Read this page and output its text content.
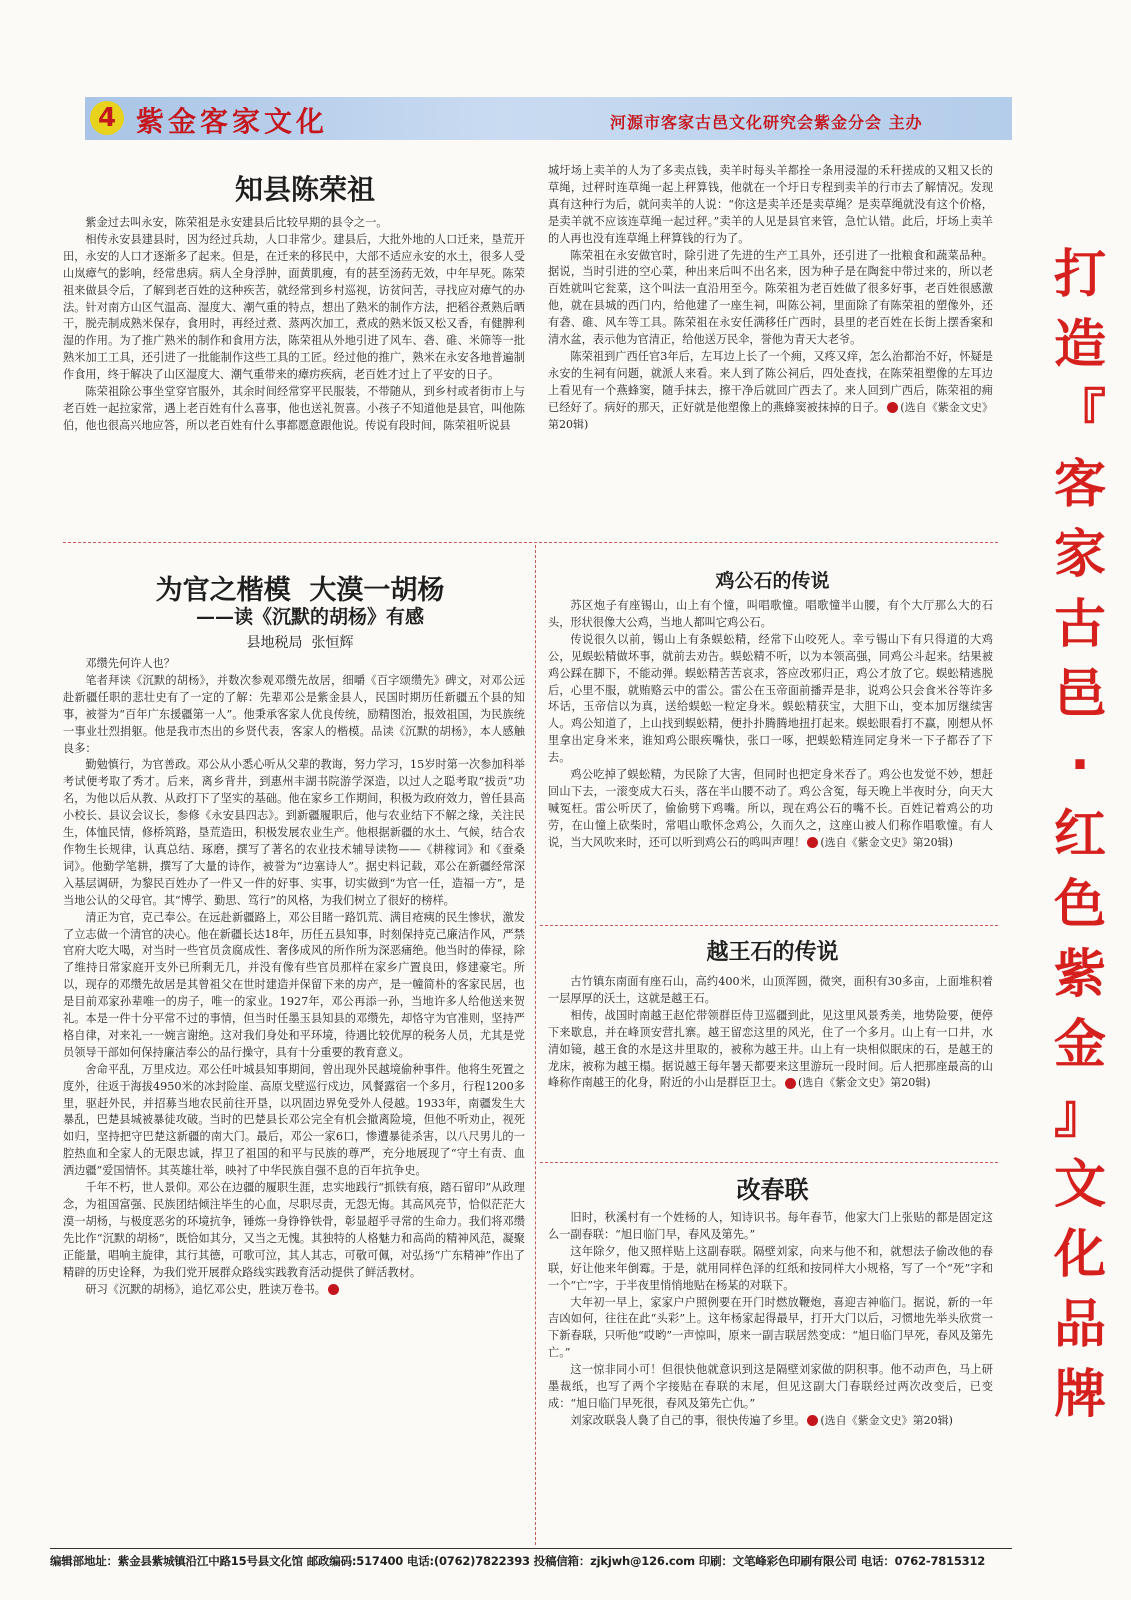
4 紫金客家文化	河源市客家古邑文化研究会紫金分会 主办
打
造
『
客
家
古
邑
·
红
色
紫
金
』
文
化
品
牌
知县陈荣祖

紫金过去叫永安，陈荣祖是永安建县后比较早期的县令之一。

相传永安县建县时，因为经过兵劫，人口非常少。建县后，大批外地的人口迁来，垦荒开田，永安的人口才逐渐多了起来。但是，在迁来的移民中，大部不适应永安的水土，很多人受山岚瘴气的影响，经常患病。病人全身浮肿，面黄肌瘦，有的甚至汤药无效，中年早死。陈荣祖来做县令后，了解到老百姓的这种疾苦，就经常到乡村巡视，访贫问苦，寻找应对瘴气的办法。针对南方山区气温高、湿度大、潮气重的特点，想出了熟米的制作方法，把稻谷煮熟后晒干，脱壳制成熟米保存，食用时，再经过煮、蒸两次加工，煮成的熟米饭又松又香，有健脾利湿的作用。为了推广熟米的制作和食用方法，陈荣祖从外地引进了风车、砻、碓、米筛等一批熟米加工工具，还引进了一批能制作这些工具的工匠。经过他的推广，熟米在永安各地普遍制作食用，终于解决了山区湿度大、潮气重带来的瘴疠疾病，老百姓才过上了平安的日子。

陈荣祖除公事坐堂穿官服外，其余时间经常穿平民服装，不带随从，到乡村或者街市上与老百姓一起拉家常，遇上老百姓有什么喜事，他也送礼贺喜。小孩子不知道他是县官，叫他陈伯，他也很高兴地应答，所以老百姓有什么事都愿意跟他说。传说有段时间，陈荣祖听说县

城圩场上卖羊的人为了多卖点钱，卖羊时每头羊都拴一条用浸湿的禾秆搓成的又粗又长的草绳，过秤时连草绳一起上秤算钱，他就在一个圩日专程到卖羊的行市去了解情况。发现真有这种行为后，就问卖羊的人说：“你这是卖羊还是卖草绳？是卖草绳就没有这个价格，是卖羊就不应该连草绳一起过秤。”卖羊的人见是县官来管，急忙认错。此后，圩场上卖羊的人再也没有连草绳上秤算钱的行为了。

陈荣祖在永安做官时，除引进了先进的生产工具外，还引进了一批粮食和蔬菜品种。据说，当时引进的空心菜，种出来后叫不出名来，因为种子是在陶瓮中带过来的，所以老百姓就叫它瓮菜，这个叫法一直沿用至今。陈荣祖为老百姓做了很多好事，老百姓很感激他，就在县城的西门内，给他建了一座生祠，叫陈公祠，里面除了有陈荣祖的塑像外，还有砻、碓、风车等工具。陈荣祖在永安任满移任广西时，县里的老百姓在长街上摆香案和清水盆，表示他为官清正，给他送万民伞，誉他为青天大老爷。

陈荣祖到广西任官3年后，左耳边上长了一个痈，又疼又痒，怎么治都治不好，怀疑是永安的生祠有问题，就派人来看。来人到了陈公祠后，四处查找，在陈荣祖塑像的左耳边上看见有一个燕蜂窦，随手抹去，擦干净后就回广西去了。来人回到广西后，陈荣祖的痈已经好了。病好的那天，正好就是他塑像上的燕蜂窦被抹掉的日子。 (选自《紫金文史》第20辑)

为官之楷模  大漠一胡杨
——读《沉默的胡杨》有感
县地税局  张恒辉

邓缵先何许人也？

笔者拜读《沉默的胡杨》，并数次参观邓缵先故居，细嚼《百字颂缵先》碑文，对邓公远赴新疆任职的悲壮史有了一定的了解：先辈邓公是紫金县人，民国时期历任新疆五个县的知事，被誉为“百年广东援疆第一人”。他秉承客家人优良传统，励精图治，报效祖国，为民族统一事业壮烈捐躯。他是我市杰出的乡贤代表，客家人的楷模。品读《沉默的胡杨》，本人感触良多：

勤勉慎行，为官善政。邓公从小悉心听从父辈的教诲，努力学习，15岁时第一次参加科举考试便考取了秀才。后来，离乡背井，到惠州丰湖书院游学深造，以过人之聪考取“拔贡”功名，为他以后从教、从政打下了坚实的基础。他在家乡工作期间，积极为政府效力，曾任县高小校长、县议会议长，参修《永安县四志》。到新疆履职后，他与农业结下不解之缘，关注民生，体恤民情，修桥筑路，垦荒造田，积极发展农业生产。他根据新疆的水土、气候，结合农作物生长规律，认真总结、琢磨，撰写了著名的农业技术辅导读物——《耕稼词》和《蚕桑词》。他勤学笔耕，撰写了大量的诗作，被誉为“边塞诗人”。据史料记载，邓公在新疆经常深入基层调研，为黎民百姓办了一件又一件的好事、实事，切实做到“为官一任，造福一方”，是当地公认的父母官。其“博学、勤思、笃行”的风格，为我们树立了很好的榜样。

清正为官，克己奉公。在远赴新疆路上，邓公目睹一路饥荒、满目疮痍的民生惨状，激发了立志做一个清官的决心。他在新疆长达18年，历任五县知事，时刻保持克己廉洁作风，严禁官府大吃大喝，对当时一些官员贪腐成性、奢侈成风的所作所为深恶痛绝。他当时的俸禄，除了维持日常家庭开支外已所剩无几，并没有像有些官员那样在家乡广置良田，修建豪宅。所以，现存的邓缵先故居是其曾祖父在世时建造并保留下来的房产，是一幢简朴的客家民居，也是目前邓家孙辈唯一的房子，唯一的家业。1927年，邓公再添一孙，当地许多人给他送来贺礼。本是一件十分平常不过的事情，但当时任墨玉县知县的邓缵先，却恪守为官准则，坚持严格自律，对来礼一一婉言谢绝。这对我们身处和平环境，待遇比较优厚的税务人员，尤其是党员领导干部如何保持廉洁奉公的品行操守，具有十分重要的教育意义。

舍命平乱，万里戍边。邓公任叶城县知事期间，曾出现外民越境偷种事件。他将生死置之度外，往返于海拔4950米的冰封险崖、高原戈壁巡行戍边，风餐露宿一个多月，行程1200多里，驱赶外民，并招募当地农民前往开垦，以巩固边界免受外人侵越。1933年，南疆发生大暴乱，巴楚县城被暴徒攻破。当时的巴楚县长邓公完全有机会撤离险境，但他不听劝止，视死如归，坚持把守巴楚这新疆的南大门。最后，邓公一家6口，惨遭暴徒杀害，以八尺男儿的一腔热血和全家人的无限忠诚，捍卫了祖国的和平与民族的尊严，充分地展现了“守土有责、血洒边疆”爱国情怀。其英雄壮举，映衬了中华民族自强不息的百年抗争史。

千年不朽，世人景仰。邓公在边疆的履职生涯，忠实地践行“抓铁有痕，踏石留印”从政理念，为祖国富强、民族团结倾注毕生的心血，尽职尽责，无怨无悔。其高风亮节，恰似茫茫大漠一胡杨，与极度恶劣的环境抗争，锤炼一身铮铮铁骨，彰显超乎寻常的生命力。我们将邓缵先比作“沉默的胡杨”，既恰如其分，又当之无愧。其独特的人格魅力和高尚的精神风范，凝聚正能量，唱响主旋律，其行其德，可歌可泣，其人其志，可敬可佩，对弘扬“广东精神”作出了精辟的历史诠释，为我们党开展群众路线实践教育活动提供了鲜活教材。

研习《沉默的胡杨》，追忆邓公史，胜读万卷书。

鸡公石的传说

苏区炮子有座锡山，山上有个憧，叫唱歌憧。唱歌憧半山腰，有个大厅那么大的石头，形状很像大公鸡，当地人都叫它鸡公石。

传说很久以前，锡山上有条蜈蚣精，经常下山咬死人。幸亏锡山下有只得道的大鸡公，见蜈蚣精做坏事，就前去劝告。蜈蚣精不听，以为本领高强，同鸡公斗起来。结果被鸡公踩在脚下，不能动弹。蜈蚣精苦苦哀求，答应改邪归正，鸡公才放了它。蜈蚣精逃脱后，心里不服，就贿赂云中的雷公。雷公在玉帝面前播弄是非，说鸡公只会食米谷等许多坏话，玉帝信以为真，送给蜈蚣一粒定身米。蜈蚣精获宝，大胆下山，变本加厉继续害人。鸡公知道了，上山找到蜈蚣精，便扑扑腾腾地扭打起来。蜈蚣眼看打不赢，刚想从怀里拿出定身米来，谁知鸡公眼疾嘴快，张口一啄，把蜈蚣精连同定身米一下子都吞了下去。

鸡公吃掉了蜈蚣精，为民除了大害，但同时也把定身米吞了。鸡公也发觉不妙，想赶回山下去，一滚变成大石头，落在半山腰不动了。鸡公含冤，每天晚上半夜时分，向天大喊冤枉。雷公听厌了，偷偷劈下鸡嘴。所以，现在鸡公石的嘴不长。百姓记着鸡公的功劳，在山憧上砍柴时，常唱山歌怀念鸡公，久而久之，这座山被人们称作唱歌憧。有人说，当大风吹来时，还可以听到鸡公石的鸣叫声哩！ (选自《紫金文史》第20辑)

越王石的传说

古竹镇东南面有座石山，高约400米，山顶浑圆，微突，面积有30多亩，上面堆积着一层厚厚的沃土，这就是越王石。

相传，战国时南越王赵佗带领群臣侍卫巡疆到此，见这里风景秀美，地势险要，便停下来歇息，并在峰顶安营扎寨。越王留恋这里的风光，住了一个多月。山上有一口井，水清如镜，越王食的水是这井里取的，被称为越王井。山上有一块相似眠床的石，是越王的龙床，被称为越王榻。据说越王每年暑天都要来这里游玩一段时间。后人把那座最高的山峰称作南越王的化身，附近的小山是群臣卫士。 (选自《紫金文史》第20辑)

改春联

旧时，秋溪村有一个姓杨的人，知诗识书。每年春节，他家大门上张贴的都是固定这么一副春联：“旭日临门早，春风及第先。”

这年除夕，他又照样贴上这副春联。隔壁刘家，向来与他不和，就想法子偷改他的春联，好让他来年倒霉。于是，就用同样色泽的红纸和按同样大小规格，写了一个“死”字和一个“亡”字，于半夜里悄悄地贴在杨某的对联下。

大年初一早上，家家户户照例要在开门时燃放鞭炮，喜迎吉神临门。据说，新的一年吉凶如何，往往在此“头彩”上。这年杨家起得最早，打开大门以后，习惯地先举头欣赏一下新春联，只听他“哎哟”一声惊叫，原来一副吉联居然变成：“旭日临门早死，春风及第先亡。”

这一惊非同小可！但很快他就意识到这是隔壁刘家做的阴积事。他不动声色，马上研墨裁纸，也写了两个字接贴在春联的末尾，但见这副大门春联经过两次改变后，已变成：“旭日临门早死很，春风及第先亡仇。”

刘家改联袅人裊了自己的事，很快传遍了乡里。 (选自《紫金文史》第20辑)

编辑部地址：紫金县紫城镇沿江中路15号县文化馆 邮政编码:517400 电话:(0762)7822393 投稿信箱：zjkjwh@126.com 印刷：文笔峰彩色印刷有限公司 电话：0762-7815312
